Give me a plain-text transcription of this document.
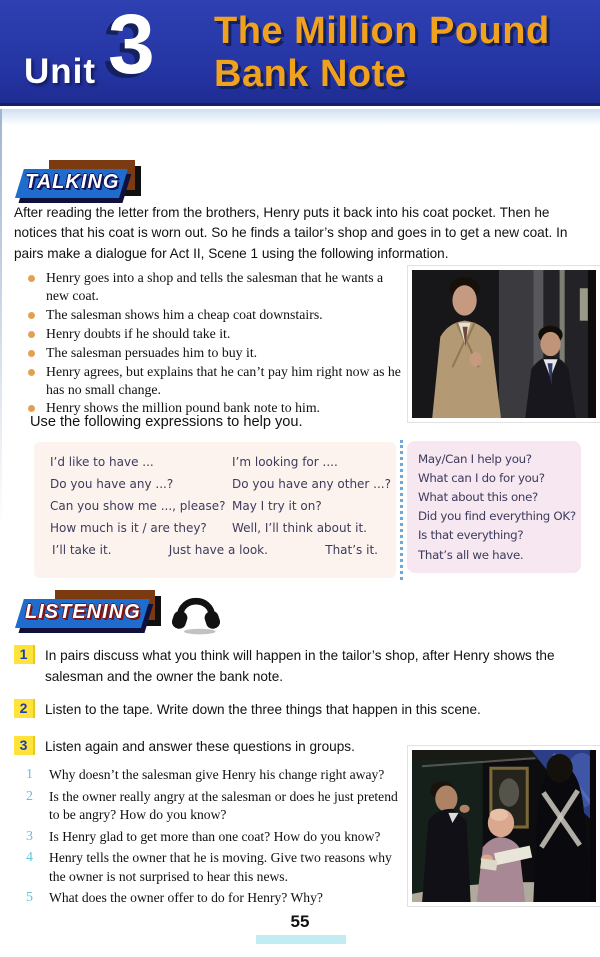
Unit 3 The Million Pound
Bank Note
TALKING

After reading the letter from the brothers, Henry puts it back into his coat pocket. Then he notices that his coat is worn out. So he finds a tailor’s shop and goes in to get a new coat. In pairs make a dialogue for Act II, Scene 1 using the following information.

Henry goes into a shop and tells the salesman that he wants a new coat.
The salesman shows him a cheap coat downstairs.
Henry doubts if he should take it.
The salesman persuades him to buy it.
Henry agrees, but explains that he can’t pay him right now as he has no small change.
Henry shows the million pound bank note to him.

Use the following expressions to help you.

I’d like to have ...	I’m looking for ....
Do you have any ...?	Do you have any other ...?
Can you show me ..., please? May I try it on?
How much is it / are they?	Well, I’ll think about it.
I’ll take it.	Just have a look.	That’s it.
May/Can I help you?
What can I do for you?
What about this one?
Did you find everything OK?
Is that everything?
That’s all we have.
LISTENING
1	In pairs discuss what you think will happen in the tailor’s shop, after Henry shows the salesman and the owner the bank note.
2	Listen to the tape. Write down the three things that happen in this scene.
3	Listen again and answer these questions in groups.
1	Why doesn’t the salesman give Henry his change right away?
2	Is the owner really angry at the salesman or does he just pretend to be angry? How do you know?
3	Is Henry glad to get more than one coat? How do you know?
4	Henry tells the owner that he is moving. Give two reasons why the owner is not surprised to hear this news.
5	What does the owner offer to do for Henry? Why?
55
